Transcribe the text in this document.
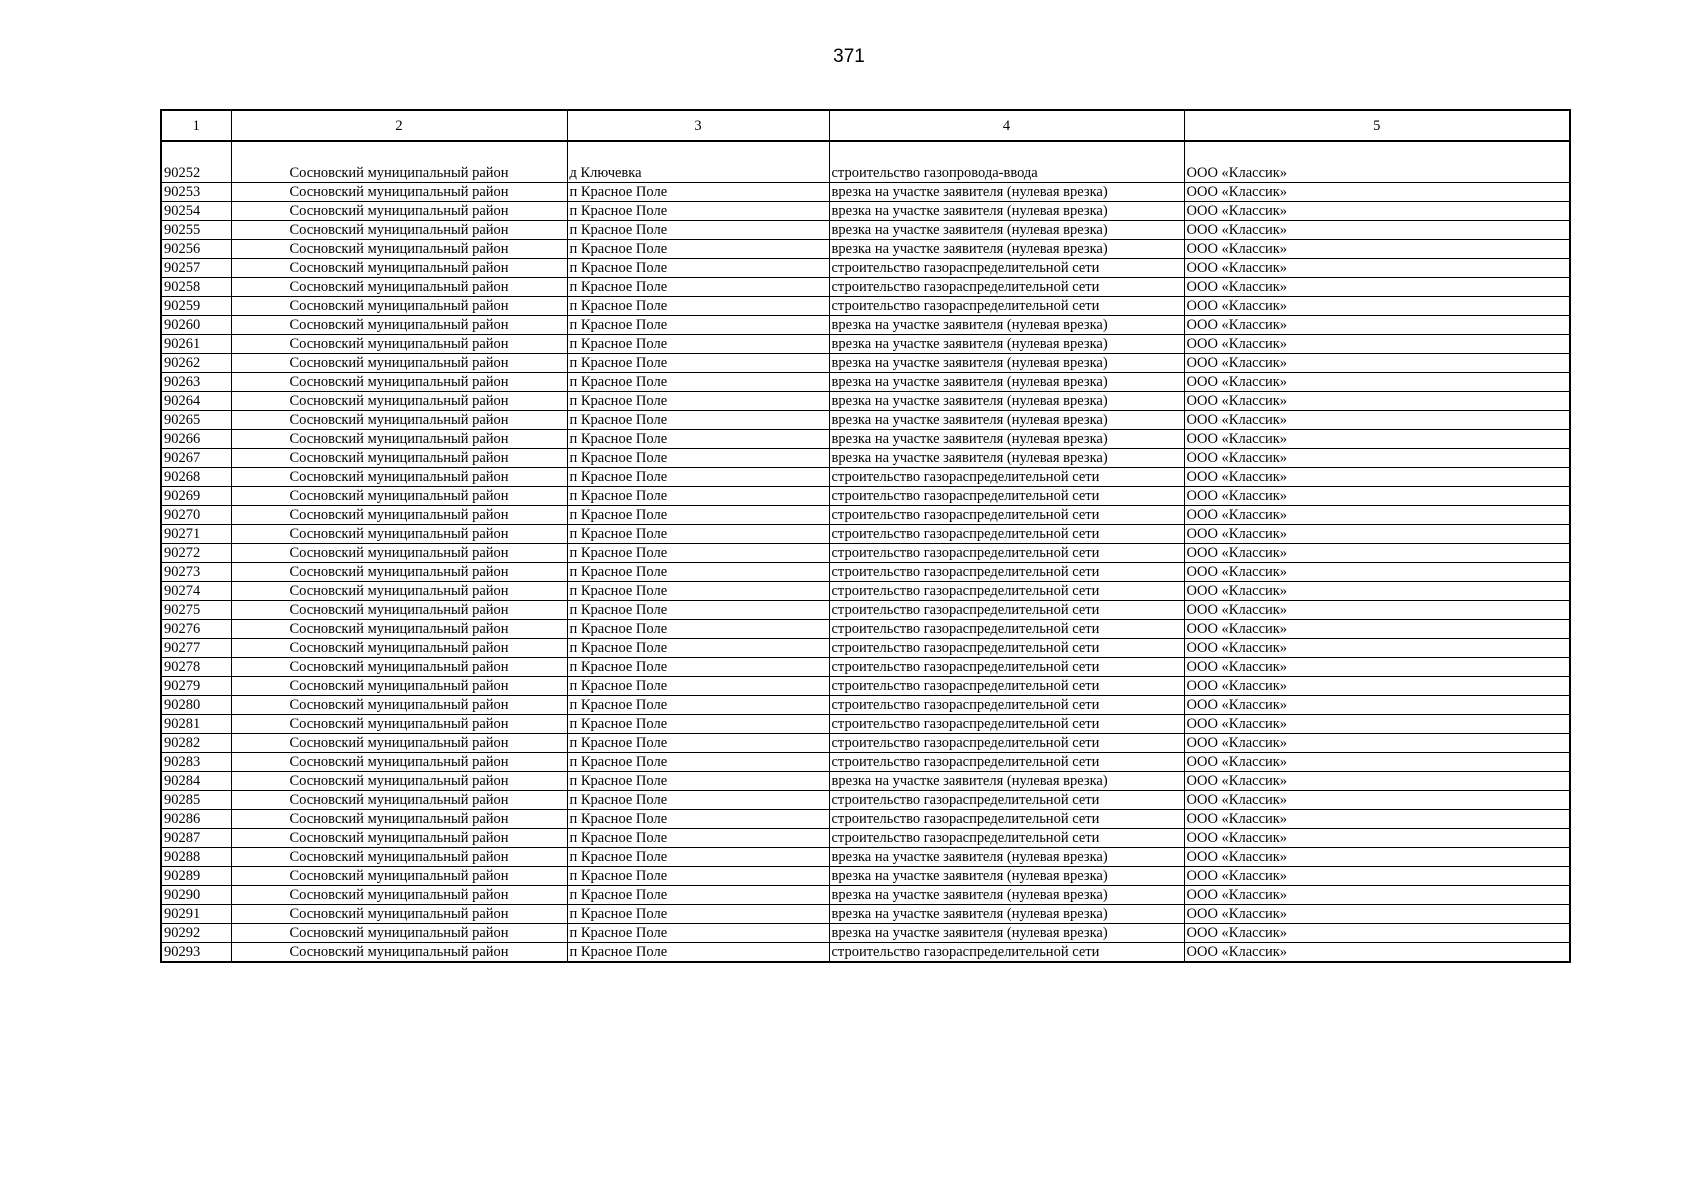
371
1	2	3	4	5
90252	Сосновский муниципальный район	д Ключевка	строительство газопровода-ввода	ООО «Классик»
90253	Сосновский муниципальный район	п Красное Поле	врезка на участке заявителя (нулевая врезка)	ООО «Классик»
90254	Сосновский муниципальный район	п Красное Поле	врезка на участке заявителя (нулевая врезка)	ООО «Классик»
90255	Сосновский муниципальный район	п Красное Поле	врезка на участке заявителя (нулевая врезка)	ООО «Классик»
90256	Сосновский муниципальный район	п Красное Поле	врезка на участке заявителя (нулевая врезка)	ООО «Классик»
90257	Сосновский муниципальный район	п Красное Поле	строительство газораспределительной сети	ООО «Классик»
90258	Сосновский муниципальный район	п Красное Поле	строительство газораспределительной сети	ООО «Классик»
90259	Сосновский муниципальный район	п Красное Поле	строительство газораспределительной сети	ООО «Классик»
90260	Сосновский муниципальный район	п Красное Поле	врезка на участке заявителя (нулевая врезка)	ООО «Классик»
90261	Сосновский муниципальный район	п Красное Поле	врезка на участке заявителя (нулевая врезка)	ООО «Классик»
90262	Сосновский муниципальный район	п Красное Поле	врезка на участке заявителя (нулевая врезка)	ООО «Классик»
90263	Сосновский муниципальный район	п Красное Поле	врезка на участке заявителя (нулевая врезка)	ООО «Классик»
90264	Сосновский муниципальный район	п Красное Поле	врезка на участке заявителя (нулевая врезка)	ООО «Классик»
90265	Сосновский муниципальный район	п Красное Поле	врезка на участке заявителя (нулевая врезка)	ООО «Классик»
90266	Сосновский муниципальный район	п Красное Поле	врезка на участке заявителя (нулевая врезка)	ООО «Классик»
90267	Сосновский муниципальный район	п Красное Поле	врезка на участке заявителя (нулевая врезка)	ООО «Классик»
90268	Сосновский муниципальный район	п Красное Поле	строительство газораспределительной сети	ООО «Классик»
90269	Сосновский муниципальный район	п Красное Поле	строительство газораспределительной сети	ООО «Классик»
90270	Сосновский муниципальный район	п Красное Поле	строительство газораспределительной сети	ООО «Классик»
90271	Сосновский муниципальный район	п Красное Поле	строительство газораспределительной сети	ООО «Классик»
90272	Сосновский муниципальный район	п Красное Поле	строительство газораспределительной сети	ООО «Классик»
90273	Сосновский муниципальный район	п Красное Поле	строительство газораспределительной сети	ООО «Классик»
90274	Сосновский муниципальный район	п Красное Поле	строительство газораспределительной сети	ООО «Классик»
90275	Сосновский муниципальный район	п Красное Поле	строительство газораспределительной сети	ООО «Классик»
90276	Сосновский муниципальный район	п Красное Поле	строительство газораспределительной сети	ООО «Классик»
90277	Сосновский муниципальный район	п Красное Поле	строительство газораспределительной сети	ООО «Классик»
90278	Сосновский муниципальный район	п Красное Поле	строительство газораспределительной сети	ООО «Классик»
90279	Сосновский муниципальный район	п Красное Поле	строительство газораспределительной сети	ООО «Классик»
90280	Сосновский муниципальный район	п Красное Поле	строительство газораспределительной сети	ООО «Классик»
90281	Сосновский муниципальный район	п Красное Поле	строительство газораспределительной сети	ООО «Классик»
90282	Сосновский муниципальный район	п Красное Поле	строительство газораспределительной сети	ООО «Классик»
90283	Сосновский муниципальный район	п Красное Поле	строительство газораспределительной сети	ООО «Классик»
90284	Сосновский муниципальный район	п Красное Поле	врезка на участке заявителя (нулевая врезка)	ООО «Классик»
90285	Сосновский муниципальный район	п Красное Поле	строительство газораспределительной сети	ООО «Классик»
90286	Сосновский муниципальный район	п Красное Поле	строительство газораспределительной сети	ООО «Классик»
90287	Сосновский муниципальный район	п Красное Поле	строительство газораспределительной сети	ООО «Классик»
90288	Сосновский муниципальный район	п Красное Поле	врезка на участке заявителя (нулевая врезка)	ООО «Классик»
90289	Сосновский муниципальный район	п Красное Поле	врезка на участке заявителя (нулевая врезка)	ООО «Классик»
90290	Сосновский муниципальный район	п Красное Поле	врезка на участке заявителя (нулевая врезка)	ООО «Классик»
90291	Сосновский муниципальный район	п Красное Поле	врезка на участке заявителя (нулевая врезка)	ООО «Классик»
90292	Сосновский муниципальный район	п Красное Поле	врезка на участке заявителя (нулевая врезка)	ООО «Классик»
90293	Сосновский муниципальный район	п Красное Поле	строительство газораспределительной сети	ООО «Классик»
